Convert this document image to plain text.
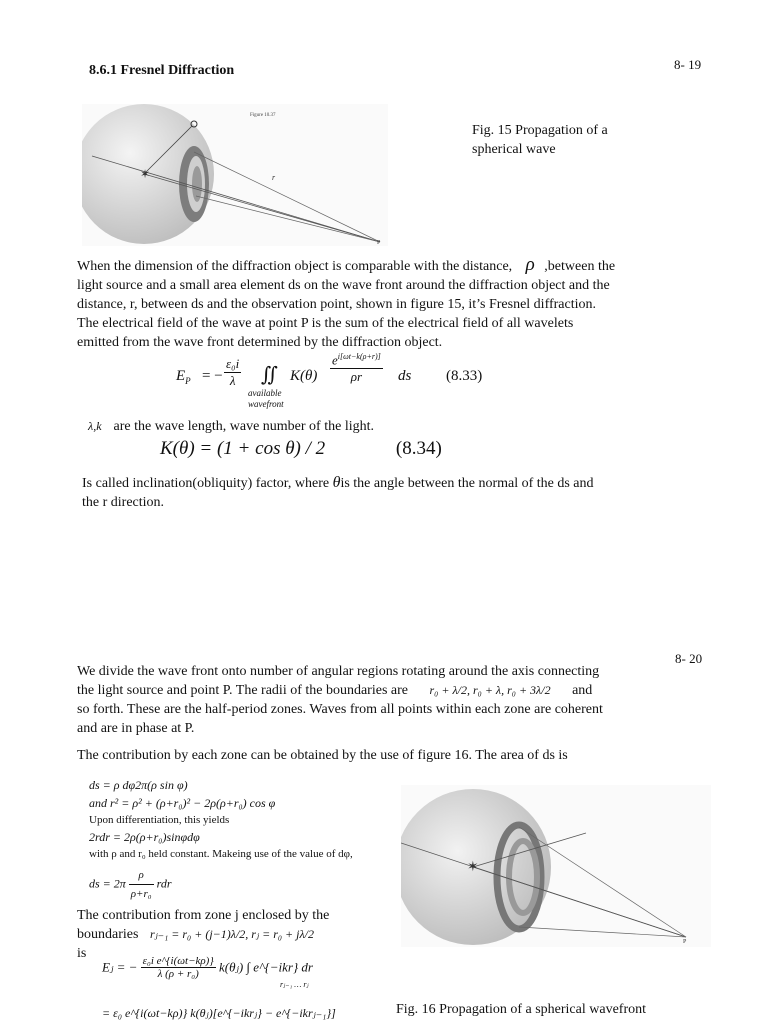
8.6.1 Fresnel Diffraction	8- 19
✶
Figure 10.37
r
P
Fig. 15 Propagation of a
spherical wave
When the dimension of the diffraction object is comparable with the distance, ρ ,between the
light source and a small area element ds on the wave front around the diffraction object and the
distance, r, between ds and the observation point, shown in figure 15, it’s Fresnel diffraction.
The electrical field of the wave at point P is the sum of the electrical field of all wavelets
emitted from the wave front determined by the diffraction object.
$E_P$ = − $\frac{\text{ε₀i}}{\lambda}$ ∬
available
wavefront
$K(\theta) \frac{e^{i[\omega t-k(\rho+r)]}}{\rho r}$ ds (8.33)
λ,k are the wave length, wave number of the light.
K(θ) = (1 + cos θ) / 2	(8.34)
Is called inclination(obliquity) factor, where θis the angle between the normal of the ds and
the r direction.
8- 20
We divide the wave front onto number of angular regions rotating around the axis connecting
the light source and point P. The radii of the boundaries are r₀ + λ/2, r₀ + λ, r₀ + 3λ/2 and
so forth. These are the half-period zones. Waves from all points within each zone are coherent
and are in phase at P.
The contribution by each zone can be obtained by the use of figure 16. The area of ds is
ds = ρ dφ2π(ρ sin φ)
and r² = ρ² + (ρ+r₀)² − 2ρ(ρ+r₀) cos φ
Upon differentiation, this yields
2rdr = 2ρ(ρ+r₀)sinφdφ
with ρ and r₀ held constant. Makeing use of the value of dφ,
ds = $2\pi \frac{\rho}{\text{ρ+r₀}}$ rdr
The contribution from zone j enclosed by the
boundaries rⱼ₋₁ = r₀ + (j−1)λ/2, rⱼ = r₀ + jλ/2
is
Eⱼ = − $\frac{\text{ε₀i e\textasciicircum{}\{i(ωt−kρ)\}}}{\text{λ (ρ + r₀)}}$ k(θⱼ) ∫ e^{−ikr} dr
rⱼ₋₁ … rⱼ
= ε₀ e^{i(ωt−kρ)} k(θⱼ)[e^{−ikrⱼ} − e^{−ikrⱼ₋₁}]
✶
P
Fig. 16 Propagation of a spherical wavefront
